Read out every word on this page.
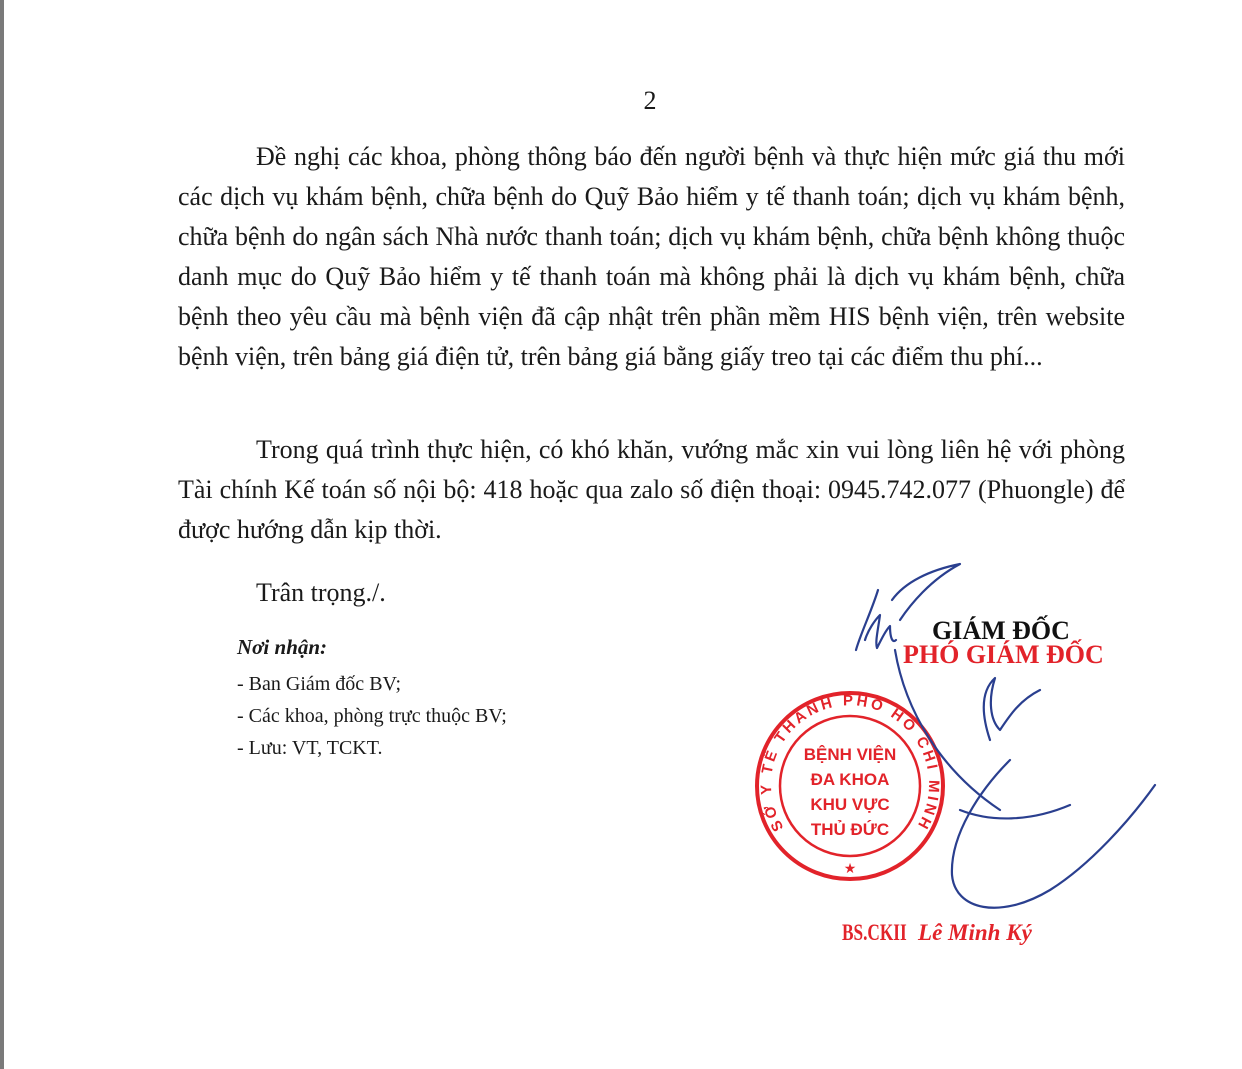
2

Đề nghị các khoa, phòng thông báo đến người bệnh và thực hiện mức giá thu mới các dịch vụ khám bệnh, chữa bệnh do Quỹ Bảo hiểm y tế thanh toán; dịch vụ khám bệnh, chữa bệnh do ngân sách Nhà nước thanh toán; dịch vụ khám bệnh, chữa bệnh không thuộc danh mục do Quỹ Bảo hiểm y tế thanh toán mà không phải là dịch vụ khám bệnh, chữa bệnh theo yêu cầu mà bệnh viện đã cập nhật trên phần mềm HIS bệnh viện, trên website bệnh viện, trên bảng giá điện tử, trên bảng giá bằng giấy treo tại các điểm thu phí...

Trong quá trình thực hiện, có khó khăn, vướng mắc xin vui lòng liên hệ với phòng Tài chính Kế toán số nội bộ: 418 hoặc qua zalo số điện thoại: 0945.742.077 (Phuongle) để được hướng dẫn kịp thời.

Trân trọng./.
Nơi nhận:
- Ban Giám đốc BV;
- Các khoa, phòng trực thuộc BV;
- Lưu: VT, TCKT.
GIÁM ĐỐC
PHÓ GIÁM ĐỐC
SỞ Y TẾ THÀNH PHỐ HỒ CHÍ MINH
★
BỆNH VIỆN
ĐA KHOA
KHU VỰC
THỦ ĐỨC
BS.CKII Lê Minh Ký
